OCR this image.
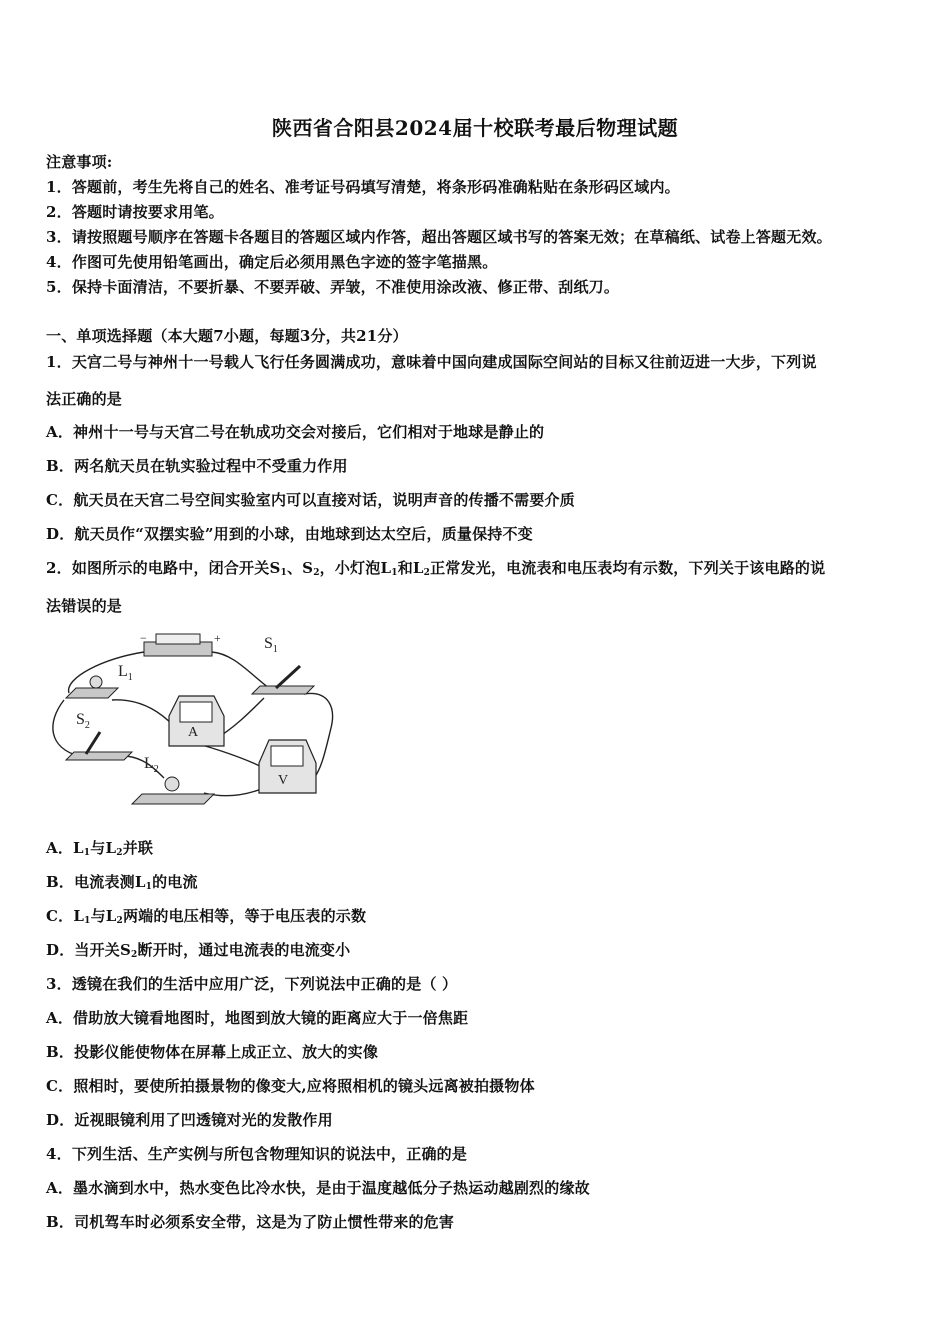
陕西省合阳县2024届十校联考最后物理试题
注意事项:
1．答题前，考生先将自己的姓名、准考证号码填写清楚，将条形码准确粘贴在条形码区域内。
2．答题时请按要求用笔。
3．请按照题号顺序在答题卡各题目的答题区域内作答，超出答题区域书写的答案无效；在草稿纸、试卷上答题无效。
4．作图可先使用铅笔画出，确定后必须用黑色字迹的签字笔描黑。
5．保持卡面清洁，不要折暴、不要弄破、弄皱，不准使用涂改液、修正带、刮纸刀。
一、单项选择题（本大题7小题，每题3分，共21分）
1．天宫二号与神州十一号载人飞行任务圆满成功，意味着中国向建成国际空间站的目标又往前迈进一大步，下列说
法正确的是
A．神州十一号与天宫二号在轨成功交会对接后，它们相对于地球是静止的
B．两名航天员在轨实验过程中不受重力作用
C．航天员在天宫二号空间实验室内可以直接对话，说明声音的传播不需要介质
D．航天员作“双摆实验”用到的小球，由地球到达太空后，质量保持不变
2．如图所示的电路中，闭合开关$S_1$、$S_2$，小灯泡$L_1$和$L_2$正常发光，电流表和电压表均有示数，下列关于该电路的说
法错误的是
−	+	$S_1$
$L_1$
A
$S_2$
$L_2$
V
A．$L_1$与$L_2$并联
B．电流表测$L_1$的电流
C．$L_1$与$L_2$两端的电压相等，等于电压表的示数
D．当开关$S_2$断开时，通过电流表的电流变小
3．透镜在我们的生活中应用广泛，下列说法中正确的是（ ）
A．借助放大镜看地图时，地图到放大镜的距离应大于一倍焦距
B．投影仪能使物体在屏幕上成正立、放大的实像
C．照相时，要使所拍摄景物的像变大,应将照相机的镜头远离被拍摄物体
D．近视眼镜利用了凹透镜对光的发散作用
4．下列生活、生产实例与所包含物理知识的说法中，正确的是
A．墨水滴到水中，热水变色比冷水快，是由于温度越低分子热运动越剧烈的缘故
B．司机驾车时必须系安全带，这是为了防止惯性带来的危害
